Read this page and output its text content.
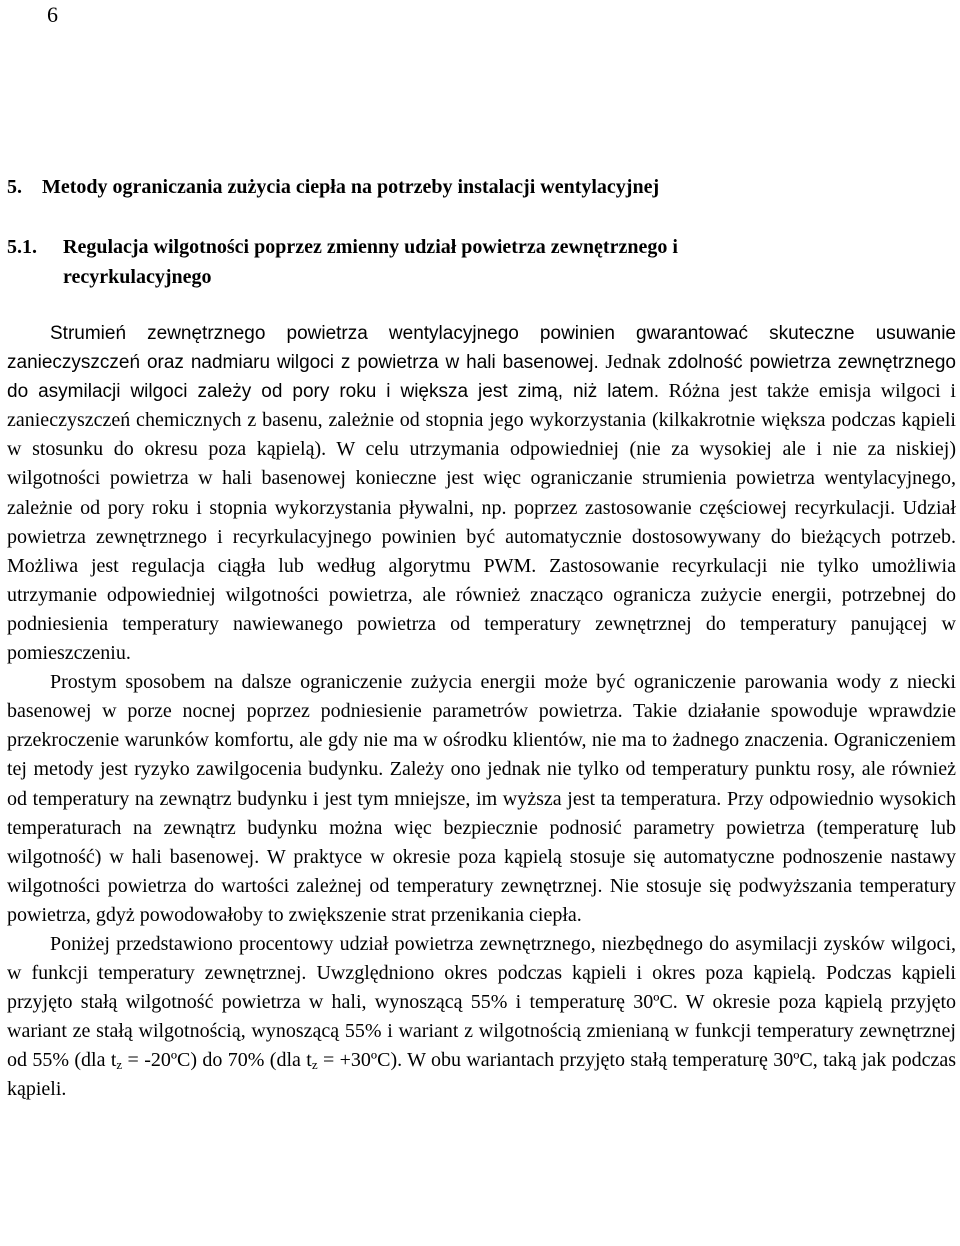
6
5. Metody ograniczania zużycia ciepła na potrzeby instalacji wentylacyjnej
5.1. Regulacja wilgotności poprzez zmienny udział powietrza zewnętrznego i
recyrkulacyjnego

Strumień zewnętrznego powietrza wentylacyjnego powinien gwarantować skuteczne usuwanie zanieczyszczeń oraz nadmiaru wilgoci z powietrza w hali basenowej. Jednak zdolność powietrza zewnętrznego do asymilacji wilgoci zależy od pory roku i większa jest zimą, niż latem. Różna jest także emisja wilgoci i zanieczyszczeń chemicznych z basenu, zależnie od stopnia jego wykorzystania (kilkakrotnie większa podczas kąpieli w stosunku do okresu poza kąpielą). W celu utrzymania odpowiedniej (nie za wysokiej ale i nie za niskiej) wilgotności powietrza w hali basenowej konieczne jest więc ograniczanie strumienia powietrza wentylacyjnego, zależnie od pory roku i stopnia wykorzystania pływalni, np. poprzez zastosowanie częściowej recyrkulacji. Udział powietrza zewnętrznego i recyrkulacyjnego powinien być automatycznie dostosowywany do bieżących potrzeb. Możliwa jest regulacja ciągła lub według algorytmu PWM. Zastosowanie recyrkulacji nie tylko umożliwia utrzymanie odpowiedniej wilgotności powietrza, ale również znacząco ogranicza zużycie energii, potrzebnej do podniesienia temperatury nawiewanego powietrza od temperatury zewnętrznej do temperatury panującej w pomieszczeniu.

Prostym sposobem na dalsze ograniczenie zużycia energii może być ograniczenie parowania wody z niecki basenowej w porze nocnej poprzez podniesienie parametrów powietrza. Takie działanie spowoduje wprawdzie przekroczenie warunków komfortu, ale gdy nie ma w ośrodku klientów, nie ma to żadnego znaczenia. Ograniczeniem tej metody jest ryzyko zawilgocenia budynku. Zależy ono jednak nie tylko od temperatury punktu rosy, ale również od temperatury na zewnątrz budynku i jest tym mniejsze, im wyższa jest ta temperatura. Przy odpowiednio wysokich temperaturach na zewnątrz budynku można więc bezpiecznie podnosić parametry powietrza (temperaturę lub wilgotność) w hali basenowej. W praktyce w okresie poza kąpielą stosuje się automatyczne podnoszenie nastawy wilgotności powietrza do wartości zależnej od temperatury zewnętrznej. Nie stosuje się podwyższania temperatury powietrza, gdyż powodowałoby to zwiększenie strat przenikania ciepła.

Poniżej przedstawiono procentowy udział powietrza zewnętrznego, niezbędnego do asymilacji zysków wilgoci, w funkcji temperatury zewnętrznej. Uwzględniono okres podczas kąpieli i okres poza kąpielą. Podczas kąpieli przyjęto stałą wilgotność powietrza w hali, wynoszącą 55% i temperaturę 30ºC. W okresie poza kąpielą przyjęto wariant ze stałą wilgotnością, wynoszącą 55% i wariant z wilgotnością zmienianą w funkcji temperatury zewnętrznej od 55% (dla $t_z$ = -20ºC) do 70% (dla $t_z$ = +30ºC). W obu wariantach przyjęto stałą temperaturę 30ºC, taką jak podczas kąpieli.
